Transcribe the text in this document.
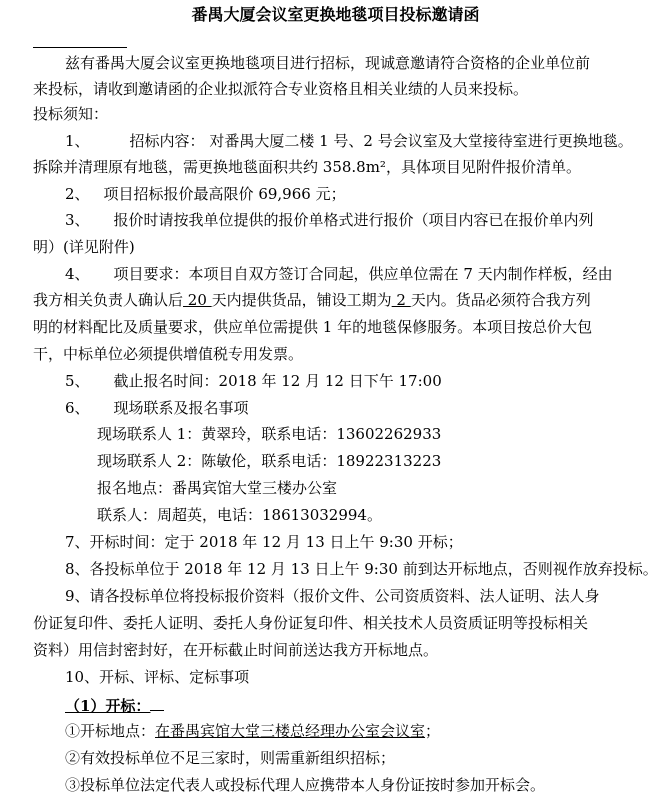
番禺大厦会议室更换地毯项目投标邀请函
兹有番禺大厦会议室更换地毯项目进行招标，现诚意邀请符合资格的企业单位前
来投标，请收到邀请函的企业拟派符合专业资格且相关业绩的人员来投标。
投标须知：
1、	招标内容： 对番禺大厦二楼 1 号、2 号会议室及大堂接待室进行更换地毯。
拆除并清理原有地毯，需更换地毯面积共约 358.8m²，具体项目见附件报价清单。
2、 项目招标报价最高限价 69,966 元；
3、 报价时请按我单位提供的报价单格式进行报价（项目内容已在报价单内列
明）(详见附件)
4、 项目要求：本项目自双方签订合同起，供应单位需在 7 天内制作样板，经由
我方相关负责人确认后 20 天内提供货品，铺设工期为 2 天内。货品必须符合我方列
明的材料配比及质量要求，供应单位需提供 1 年的地毯保修服务。本项目按总价大包
干，中标单位必须提供增值税专用发票。
5、 截止报名时间：2018 年 12 月 12 日下午 17:00
6、 现场联系及报名事项
现场联系人 1：黄翠玲，联系电话：13602262933
现场联系人 2：陈敏伦，联系电话：18922313223
报名地点：番禺宾馆大堂三楼办公室
联系人：周超英，电话：18613032994。
7、开标时间：定于 2018 年 12 月 13 日上午 9:30 开标；
8、各投标单位于 2018 年 12 月 13 日上午 9:30 前到达开标地点，否则视作放弃投标。
9、请各投标单位将投标报价资料（报价文件、公司资质资料、法人证明、法人身
份证复印件、委托人证明、委托人身份证复印件、相关技术人员资质证明等投标相关
资料）用信封密封好，在开标截止时间前送达我方开标地点。
10、开标、评标、定标事项
（1）开标：
①开标地点：在番禺宾馆大堂三楼总经理办公室会议室；
②有效投标单位不足三家时，则需重新组织招标；
③投标单位法定代表人或投标代理人应携带本人身份证按时参加开标会。
